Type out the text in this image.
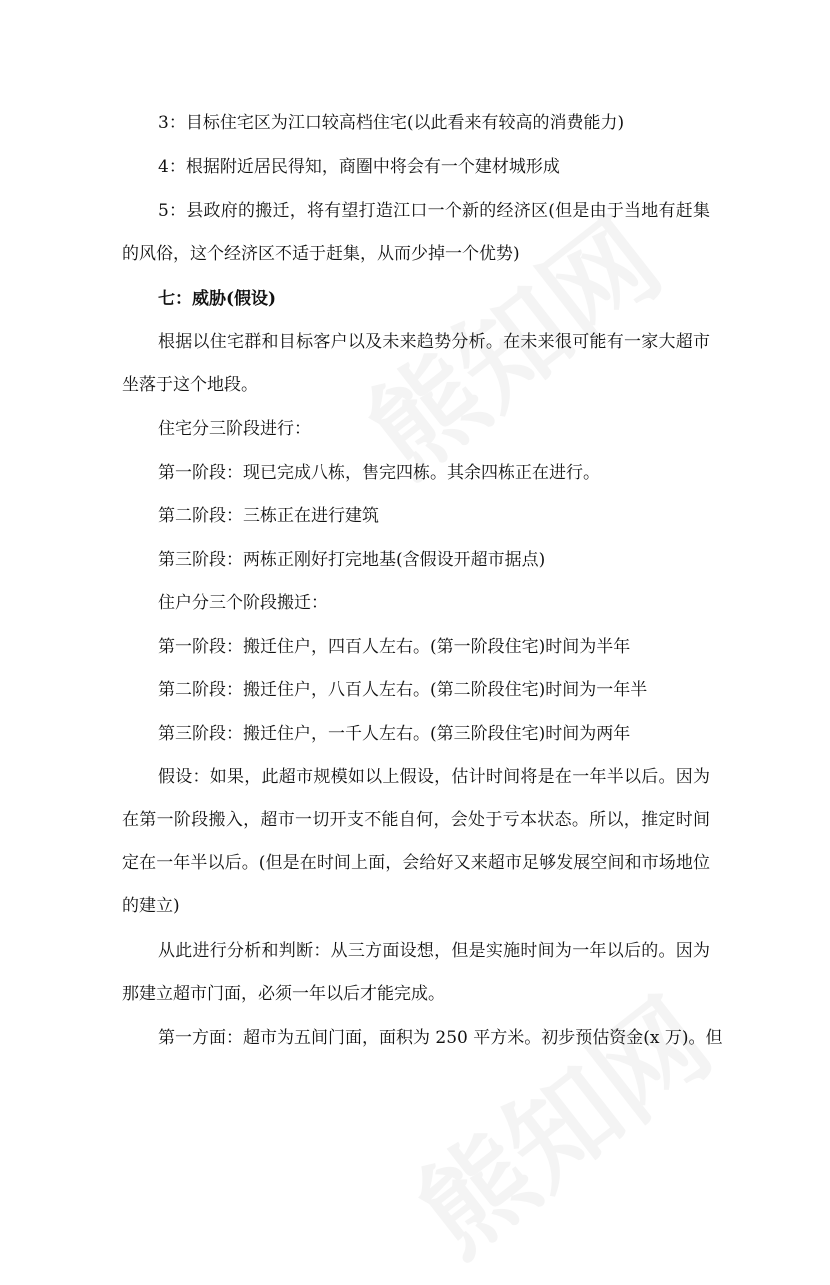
3：目标住宅区为江口较高档住宅(以此看来有较高的消费能力)

4：根据附近居民得知，商圈中将会有一个建材城形成

5：县政府的搬迁，将有望打造江口一个新的经济区(但是由于当地有赶集的风俗，这个经济区不适于赶集，从而少掉一个优势)

七：威胁(假设)

根据以住宅群和目标客户以及未来趋势分析。在未来很可能有一家大超市坐落于这个地段。

住宅分三阶段进行：

第一阶段：现已完成八栋，售完四栋。其余四栋正在进行。

第二阶段：三栋正在进行建筑

第三阶段：两栋正刚好打完地基(含假设开超市据点)

住户分三个阶段搬迁：

第一阶段：搬迁住户，四百人左右。(第一阶段住宅)时间为半年

第二阶段：搬迁住户，八百人左右。(第二阶段住宅)时间为一年半

第三阶段：搬迁住户，一千人左右。(第三阶段住宅)时间为两年

假设：如果，此超市规模如以上假设，估计时间将是在一年半以后。因为在第一阶段搬入，超市一切开支不能自何，会处于亏本状态。所以，推定时间定在一年半以后。(但是在时间上面，会给好又来超市足够发展空间和市场地位的建立)

从此进行分析和判断：从三方面设想，但是实施时间为一年以后的。因为那建立超市门面，必须一年以后才能完成。

第一方面：超市为五间门面，面积为 250 平方米。初步预估资金(x 万)。但
